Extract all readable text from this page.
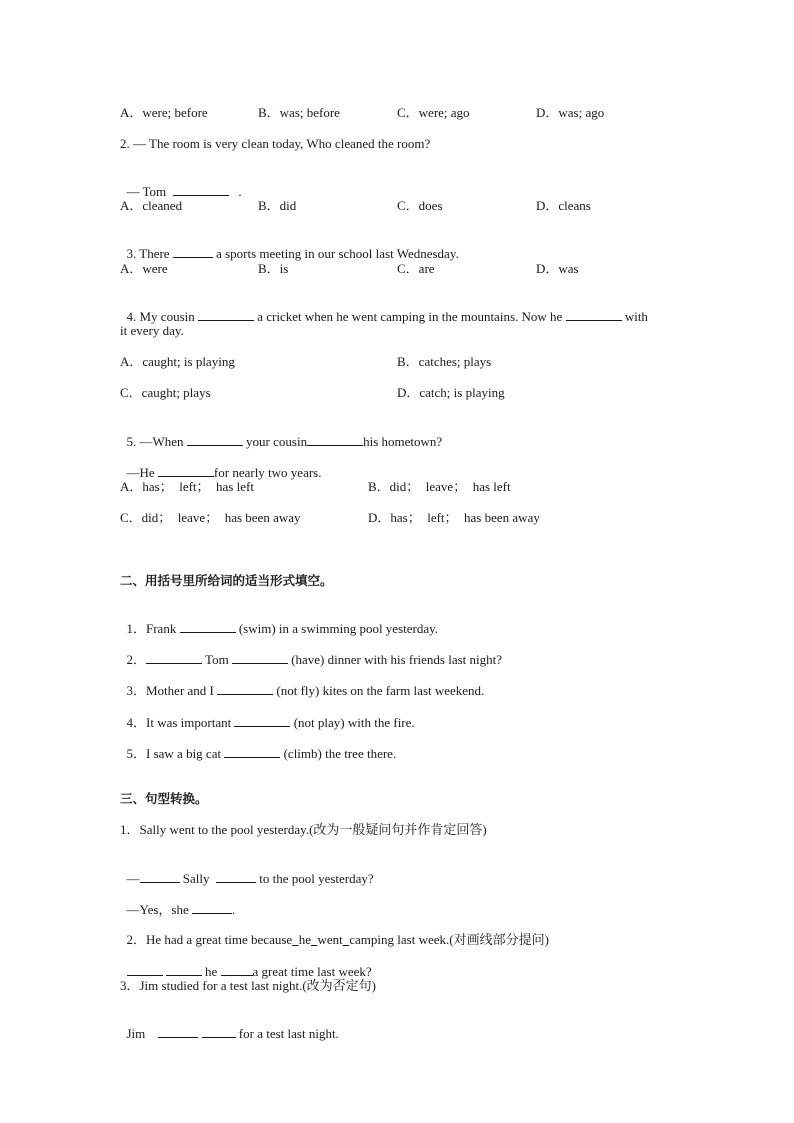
A．were; before	B．was; before	C．were; ago	D．was; ago
2. — The room is very clean today, Who cleaned the room?

— Tom	.

A．cleaned	B．did	C．does	D．cleans

3. There	a sports meeting in our school last Wednesday.

A．were	B．is	C．are	D．was

4. My cousin	a cricket when he went camping in the mountains. Now he	with

it every day.
A．caught; is playing	B．catches; plays
C．caught; plays	D．catch; is playing

5. —When	your cousin	his hometown?

—He	for nearly two years.

A．has；  left；  has left	B．did；  leave；  has left
C．did；  leave；  has been away	D．has；  left；  has been away
二、用括号里所给词的适当形式填空。

1．Frank	(swim) in a swimming pool yesterday.

2．	Tom	(have) dinner with his friends last night?

3．Mother and I	(not fly) kites on the farm last weekend.

4．It was important	(not play) with the fire.

5．I saw a big cat	(climb) the tree there.

三、句型转换。
1．Sally went to the pool yesterday.(改为一般疑问句并作肯定回答)

—	Sally	to the pool yesterday?

—Yes，she	.

2．He had a great time because he went camping last week.(对画线部分提问)

he	a great time last week?

3．Jim studied for a test last night.(改为否定句)

Jim	for a test last night.
